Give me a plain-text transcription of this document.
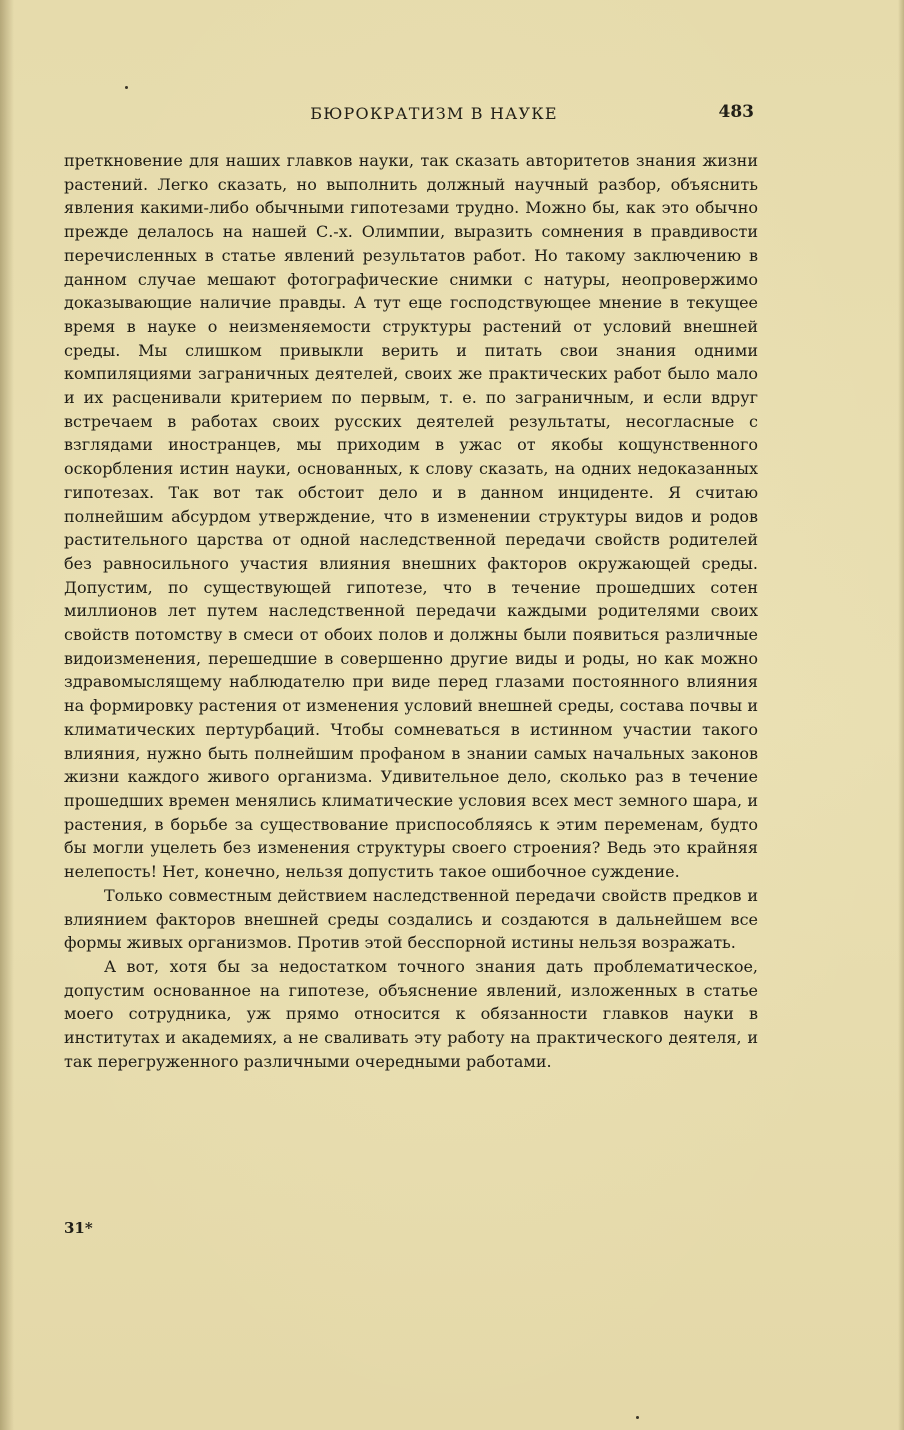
БЮРОКРАТИЗМ В НАУКЕ	483

преткновение для наших главков науки, так сказать авторитетов знания жизни растений. Легко сказать, но выполнить должный научный разбор, объяснить явления какими-либо обычными гипотезами трудно. Можно бы, как это обычно прежде делалось на нашей С.-х. Олимпии, выразить сомнения в правдивости перечисленных в статье явлений результатов работ. Но такому заключению в данном случае мешают фотографические снимки с натуры, неопровержимо доказывающие наличие правды. А тут еще господствующее мнение в текущее время в науке о неизменяемости структуры растений от условий внешней среды. Мы слишком привыкли верить и питать свои знания одними компиляциями заграничных деятелей, своих же практических работ было мало и их расценивали критерием по первым, т. е. по заграничным, и если вдруг встречаем в работах своих русских деятелей результаты, несогласные с взглядами иностранцев, мы приходим в ужас от якобы кощунственного оскорбления истин науки, основанных, к слову сказать, на одних недоказанных гипотезах. Так вот так обстоит дело и в данном инциденте. Я считаю полнейшим абсурдом утверждение, что в изменении структуры видов и родов растительного царства от одной наследственной передачи свойств родителей без равносильного участия влияния внешних факторов окружающей среды. Допустим, по существующей гипотезе, что в течение прошедших сотен миллионов лет путем наследственной передачи каждыми родителями своих свойств потомству в смеси от обоих полов и должны были появиться различные видоизменения, перешедшие в совершенно другие виды и роды, но как можно здравомыслящему наблюдателю при виде перед глазами постоянного влияния на формировку растения от изменения условий внешней среды, состава почвы и климатических пертурбаций. Чтобы сомневаться в истинном участии такого влияния, нужно быть полнейшим профаном в знании самых начальных законов жизни каждого живого организма. Удивительное дело, сколько раз в течение прошедших времен менялись климатические условия всех мест земного шара, и растения, в борьбе за существование приспособляясь к этим переменам, будто бы могли уцелеть без изменения структуры своего строения? Ведь это крайняя нелепость! Нет, конечно, нельзя допустить такое ошибочное суждение.

Только совместным действием наследственной передачи свойств предков и влиянием факторов внешней среды создались и создаются в дальнейшем все формы живых организмов. Против этой бесспорной истины нельзя возражать.

А вот, хотя бы за недостатком точного знания дать проблематическое, допустим основанное на гипотезе, объяснение явлений, изложенных в статье моего сотрудника, уж прямо относится к обязанности главков науки в институтах и академиях, а не сваливать эту работу на практического деятеля, и так перегруженного различными очередными работами.

31*
